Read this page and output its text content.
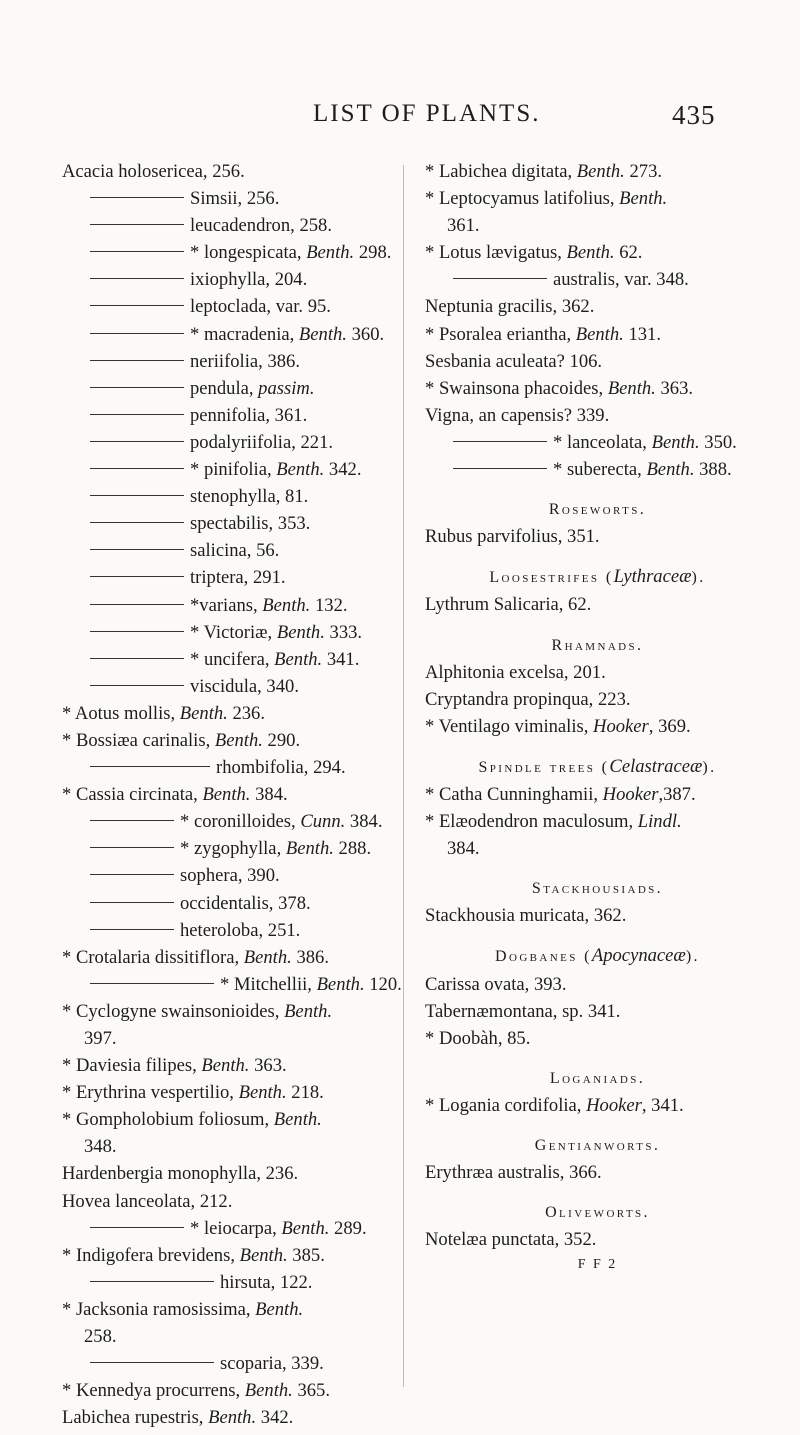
LIST OF PLANTS.	435
Acacia holosericea, 256.
Simsii, 256.
leucadendron, 258.
* longespicata, Benth. 298.
ixiophylla, 204.
leptoclada, var. 95.
* macradenia, Benth. 360.
neriifolia, 386.
pendula, passim.
pennifolia, 361.
podalyriifolia, 221.
* pinifolia, Benth. 342.
stenophylla, 81.
spectabilis, 353.
salicina, 56.
triptera, 291.
*varians, Benth. 132.
* Victoriæ, Benth. 333.
* uncifera, Benth. 341.
viscidula, 340.
* Aotus mollis, Benth. 236.
* Bossiæa carinalis, Benth. 290.
rhombifolia, 294.
* Cassia circinata, Benth. 384.
* coronilloides, Cunn. 384.
* zygophylla, Benth. 288.
sophera, 390.
occidentalis, 378.
heteroloba, 251.
* Crotalaria dissitiflora, Benth. 386.
* Mitchellii, Benth. 120.
* Cyclogyne swainsonioides, Benth.
397.
* Daviesia filipes, Benth. 363.
* Erythrina vespertilio, Benth. 218.
* Gompholobium foliosum, Benth.
348.
Hardenbergia monophylla, 236.
Hovea lanceolata, 212.
* leiocarpa, Benth. 289.
* Indigofera brevidens, Benth. 385.
hirsuta, 122.
* Jacksonia ramosissima, Benth.
258.
scoparia, 339.
* Kennedya procurrens, Benth. 365.
Labichea rupestris, Benth. 342.
* Labichea digitata, Benth. 273.
* Leptocyamus latifolius, Benth.
361.
* Lotus lævigatus, Benth. 62.
australis, var. 348.
Neptunia gracilis, 362.
* Psoralea eriantha, Benth. 131.
Sesbania aculeata? 106.
* Swainsona phacoides, Benth. 363.
Vigna, an capensis? 339.
* lanceolata, Benth. 350.
* suberecta, Benth. 388.
Roseworts.
Rubus parvifolius, 351.
Loosestrifes (Lythraceæ).
Lythrum Salicaria, 62.
Rhamnads.
Alphitonia excelsa, 201.
Cryptandra propinqua, 223.
* Ventilago viminalis, Hooker, 369.
Spindle trees (Celastraceæ).
* Catha Cunninghamii, Hooker,387.
* Elæodendron maculosum, Lindl.
384.
Stackhousiads.
Stackhousia muricata, 362.
Dogbanes (Apocynaceæ).
Carissa ovata, 393.
Tabernæmontana, sp. 341.
* Doobàh, 85.
Loganiads.
* Logania cordifolia, Hooker, 341.
Gentianworts.
Erythræa australis, 366.
Oliveworts.
Notelæa punctata, 352.
F F 2
